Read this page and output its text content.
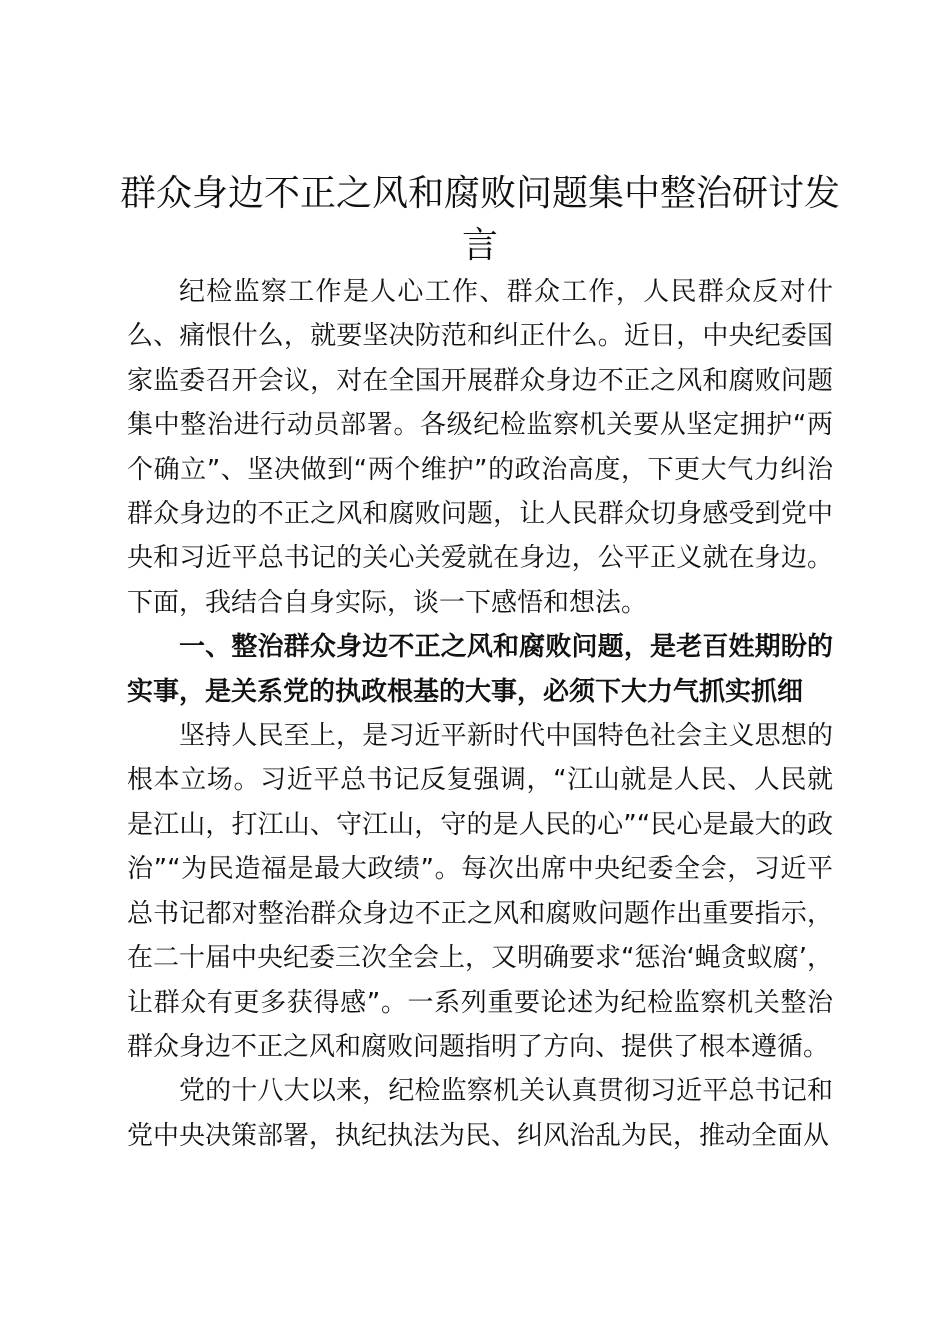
群众身边不正之风和腐败问题集中整治研讨发言

纪检监察工作是人心工作、群众工作，人民群众反对什么、痛恨什么，就要坚决防范和纠正什么。近日，中央纪委国家监委召开会议，对在全国开展群众身边不正之风和腐败问题集中整治进行动员部署。各级纪检监察机关要从坚定拥护“两个确立”、坚决做到“两个维护”的政治高度，下更大气力纠治群众身边的不正之风和腐败问题，让人民群众切身感受到党中央和习近平总书记的关心关爱就在身边，公平正义就在身边。下面，我结合自身实际，谈一下感悟和想法。

一、整治群众身边不正之风和腐败问题，是老百姓期盼的实事，是关系党的执政根基的大事，必须下大力气抓实抓细

坚持人民至上，是习近平新时代中国特色社会主义思想的根本立场。习近平总书记反复强调，“江山就是人民、人民就是江山，打江山、守江山，守的是人民的心”“民心是最大的政治”“为民造福是最大政绩”。每次出席中央纪委全会，习近平总书记都对整治群众身边不正之风和腐败问题作出重要指示，在二十届中央纪委三次全会上，又明确要求“惩治‘蝇贪蚁腐’，让群众有更多获得感”。一系列重要论述为纪检监察机关整治群众身边不正之风和腐败问题指明了方向、提供了根本遵循。

党的十八大以来，纪检监察机关认真贯彻习近平总书记和党中央决策部署，执纪执法为民、纠风治乱为民，推动全面从
